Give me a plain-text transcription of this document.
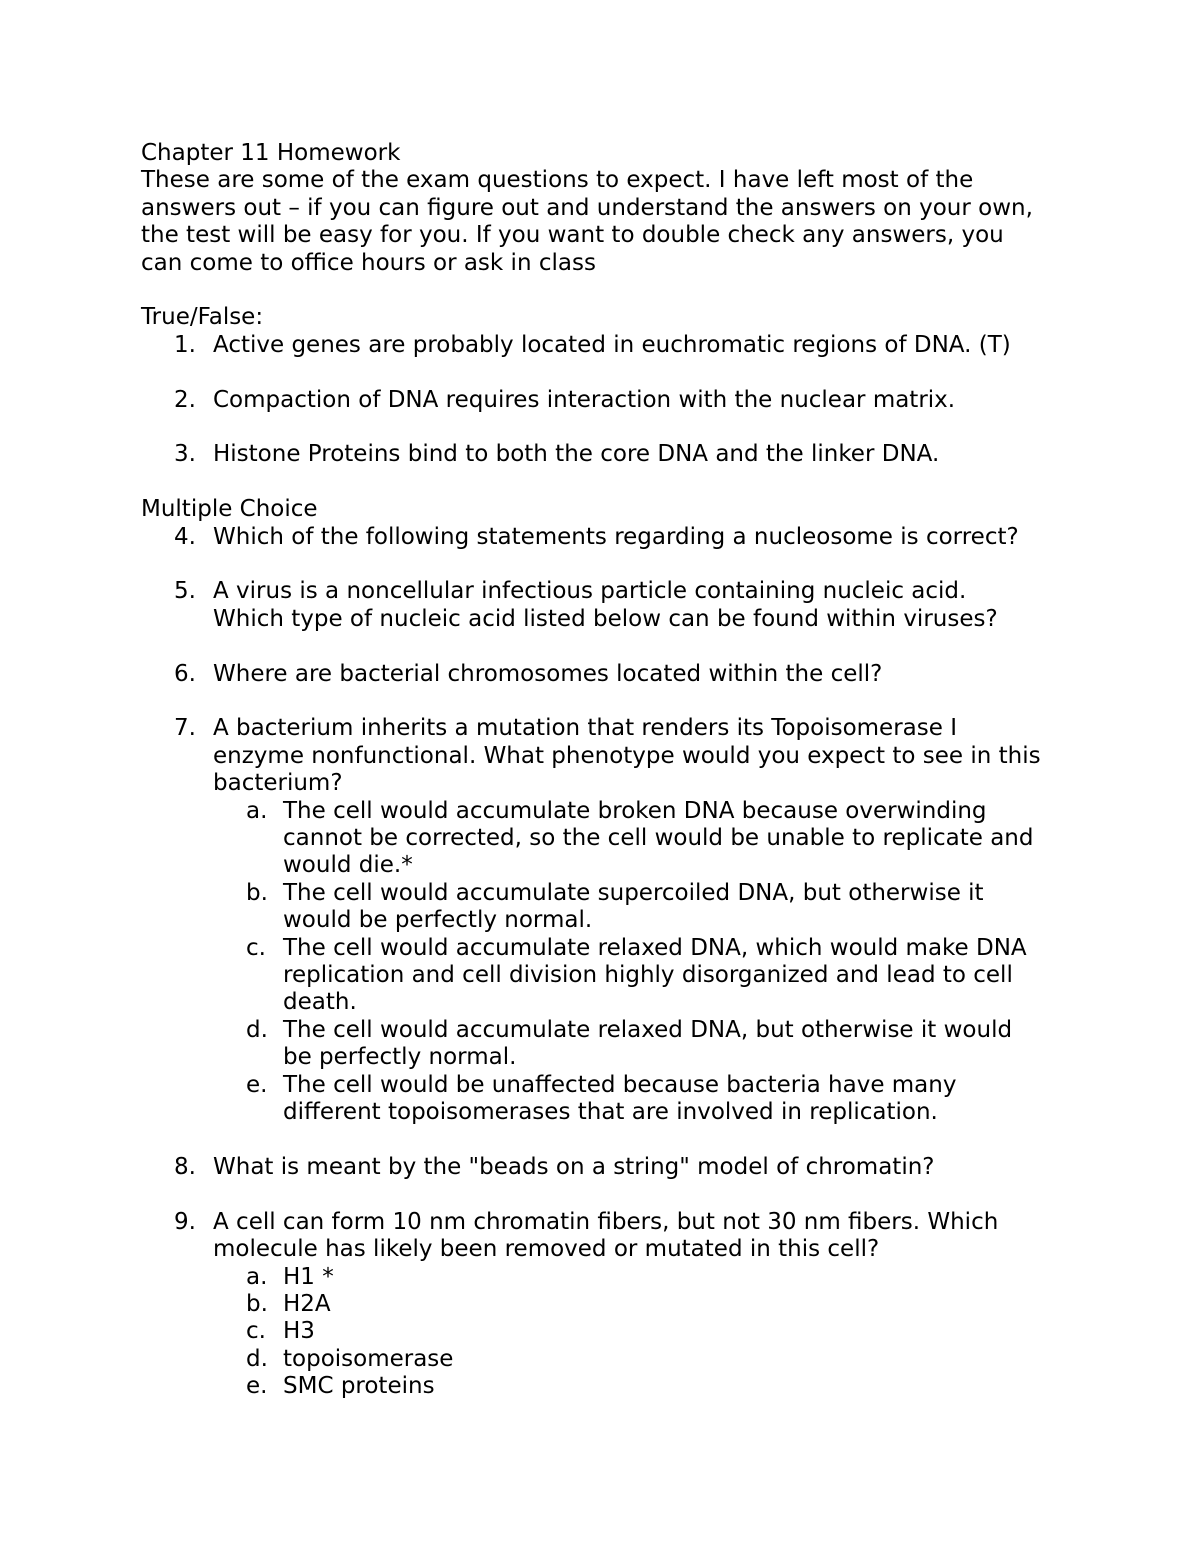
Chapter 11 Homework
These are some of the exam questions to expect. I have left most of the
answers out – if you can figure out and understand the answers on your own,
the test will be easy for you. If you want to double check any answers, you
can come to office hours or ask in class
True/False:
1. Active genes are probably located in euchromatic regions of DNA. (T)
2. Compaction of DNA requires interaction with the nuclear matrix.
3. Histone Proteins bind to both the core DNA and the linker DNA.
Multiple Choice
4. Which of the following statements regarding a nucleosome is correct?
5. A virus is a noncellular infectious particle containing nucleic acid.
Which type of nucleic acid listed below can be found within viruses?
6. Where are bacterial chromosomes located within the cell?
7. A bacterium inherits a mutation that renders its Topoisomerase I
enzyme nonfunctional. What phenotype would you expect to see in this
bacterium?
a. The cell would accumulate broken DNA because overwinding
cannot be corrected, so the cell would be unable to replicate and
would die.*
b. The cell would accumulate supercoiled DNA, but otherwise it
would be perfectly normal.
c. The cell would accumulate relaxed DNA, which would make DNA
replication and cell division highly disorganized and lead to cell
death.
d. The cell would accumulate relaxed DNA, but otherwise it would
be perfectly normal.
e. The cell would be unaffected because bacteria have many
different topoisomerases that are involved in replication.
8. What is meant by the "beads on a string" model of chromatin?
9. A cell can form 10 nm chromatin fibers, but not 30 nm fibers. Which
molecule has likely been removed or mutated in this cell?
a. H1 *
b. H2A
c. H3
d. topoisomerase
e. SMC proteins
